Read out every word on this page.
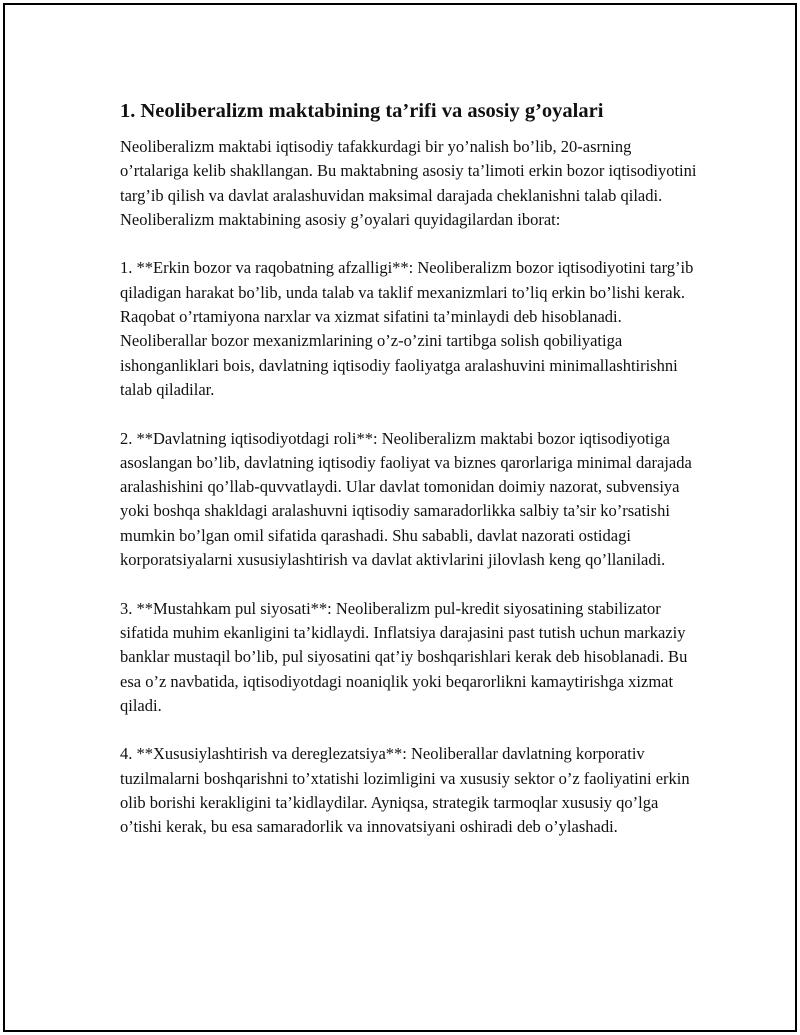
1. Neoliberalizm maktabining ta’rifi va asosiy g’oyalari

Neoliberalizm maktabi iqtisodiy tafakkurdagi bir yo’nalish bo’lib, 20-asrning o’rtalariga kelib shakllangan. Bu maktabning asosiy ta’limoti erkin bozor iqtisodiyotini targ’ib qilish va davlat aralashuvidan maksimal darajada cheklanishni talab qiladi. Neoliberalizm maktabining asosiy g’oyalari quyidagilardan iborat:

1. **Erkin bozor va raqobatning afzalligi**: Neoliberalizm bozor iqtisodiyotini targ’ib qiladigan harakat bo’lib, unda talab va taklif mexanizmlari to’liq erkin bo’lishi kerak. Raqobat o’rtamiyona narxlar va xizmat sifatini ta’minlaydi deb hisoblanadi. Neoliberallar bozor mexanizmlarining o’z-o’zini tartibga solish qobiliyatiga ishonganliklari bois, davlatning iqtisodiy faoliyatga aralashuvini minimallashtirishni talab qiladilar.

2. **Davlatning iqtisodiyotdagi roli**: Neoliberalizm maktabi bozor iqtisodiyotiga asoslangan bo’lib, davlatning iqtisodiy faoliyat va biznes qarorlariga minimal darajada aralashishini qo’llab-quvvatlaydi. Ular davlat tomonidan doimiy nazorat, subvensiya yoki boshqa shakldagi aralashuvni iqtisodiy samaradorlikka salbiy ta’sir ko’rsatishi mumkin bo’lgan omil sifatida qarashadi. Shu sababli, davlat nazorati ostidagi korporatsiyalarni xususiylashtirish va davlat aktivlarini jilovlash keng qo’llaniladi.

3. **Mustahkam pul siyosati**: Neoliberalizm pul-kredit siyosatining stabilizator sifatida muhim ekanligini ta’kidlaydi. Inflatsiya darajasini past tutish uchun markaziy banklar mustaqil bo’lib, pul siyosatini qat’iy boshqarishlari kerak deb hisoblanadi. Bu esa o’z navbatida, iqtisodiyotdagi noaniqlik yoki beqarorlikni kamaytirishga xizmat qiladi.

4. **Xususiylashtirish va dereglezatsiya**: Neoliberallar davlatning korporativ tuzilmalarni boshqarishni to’xtatishi lozimligini va xususiy sektor o’z faoliyatini erkin olib borishi kerakligini ta’kidlaydilar. Ayniqsa, strategik tarmoqlar xususiy qo’lga o’tishi kerak, bu esa samaradorlik va innovatsiyani oshiradi deb o’ylashadi.
